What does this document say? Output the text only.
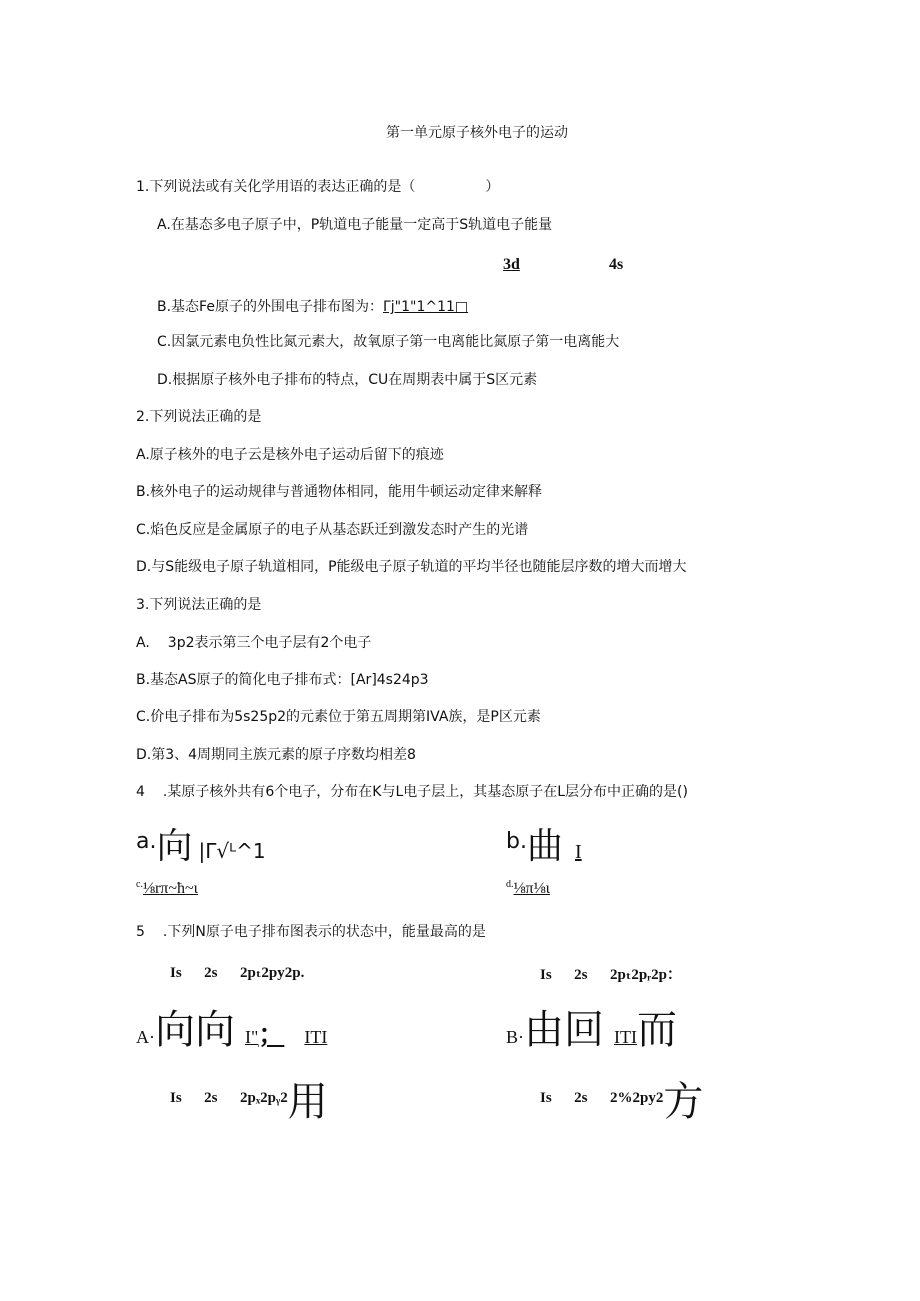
第一单元原子核外电子的运动
1.下列说法或有关化学用语的表达正确的是（	）
A.在基态多电子原子中，P轨道电子能量一定高于S轨道电子能量
3d	4s
B.基态Fe原子的外围电子排布图为：Γj"1"1^11□
C.因氯元素电负性比氮元素大，故氧原子第一电离能比氮原子第一电离能大
D.根据原子核外电子排布的特点，CU在周期表中属于S区元素
2.下列说法正确的是
A.原子核外的电子云是核外电子运动后留下的痕迹
B.核外电子的运动规律与普通物体相同，能用牛顿运动定律来解释
C.焰色反应是金属原子的电子从基态跃迁到激发态时产生的光谱
D.与S能级电子原子轨道相同，P能级电子原子轨道的平均半径也随能层序数的增大而增大
3.下列说法正确的是
A. 3p2表示第三个电子层有2个电子
B.基态AS原子的简化电子排布式：[Ar]4s24p3
C.价电子排布为5s25p2的元素位于第五周期第IVA族，是P区元素
D.第3、4周期同主族元素的原子序数均相差8
4 .某原子核外共有6个电子，分布在K与L电子层上，其基态原子在L层分布中正确的是()
a.向 |Γ√ᴸ^1	b.曲 I
$^{c.}$⅛rπ~ħ~ι	$^{d.}$⅛π⅛ι
5 .下列N原子电子排布图表示的状态中，能量最高的是
Is      2s      2pₜ2py2p.	Is      2s      2pₜ2pᵣ2p：
A·向向 I"； ITI	B·由回 ITI而
Is      2s      2pₓ2pᵧ2用	Is      2s      2%2py2方
